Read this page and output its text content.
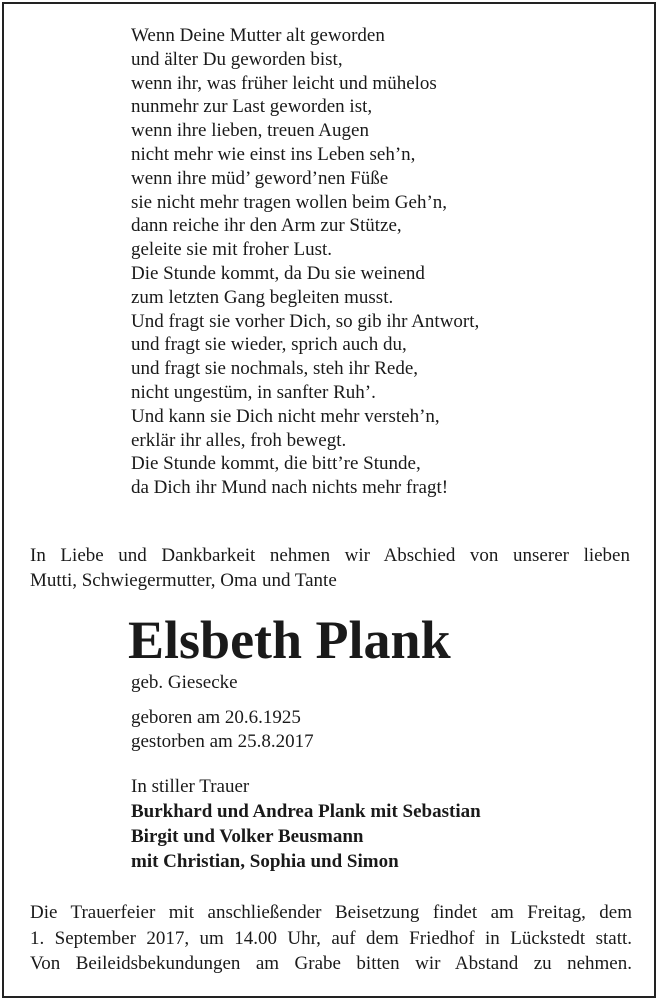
Wenn Deine Mutter alt geworden
und älter Du geworden bist,
wenn ihr, was früher leicht und mühelos
nunmehr zur Last geworden ist,
wenn ihre lieben, treuen Augen
nicht mehr wie einst ins Leben seh’n,
wenn ihre müd’ geword’nen Füße
sie nicht mehr tragen wollen beim Geh’n,
dann reiche ihr den Arm zur Stütze,
geleite sie mit froher Lust.
Die Stunde kommt, da Du sie weinend
zum letzten Gang begleiten musst.
Und fragt sie vorher Dich, so gib ihr Antwort,
und fragt sie wieder, sprich auch du,
und fragt sie nochmals, steh ihr Rede,
nicht ungestüm, in sanfter Ruh’.
Und kann sie Dich nicht mehr versteh’n,
erklär ihr alles, froh bewegt.
Die Stunde kommt, die bitt’re Stunde,
da Dich ihr Mund nach nichts mehr fragt!
In Liebe und Dankbarkeit nehmen wir Abschied von unserer lieben
Mutti, Schwiegermutter, Oma und Tante
Elsbeth Plank
geb. Giesecke
geboren am 20.6.1925
gestorben am 25.8.2017
In stiller Trauer
Burkhard und Andrea Plank mit Sebastian
Birgit und Volker Beusmann
mit Christian, Sophia und Simon
Die Trauerfeier mit anschließender Beisetzung findet am Freitag, dem
1. September 2017, um 14.00 Uhr, auf dem Friedhof in Lückstedt statt.
Von Beileidsbekundungen am Grabe bitten wir Abstand zu nehmen.
